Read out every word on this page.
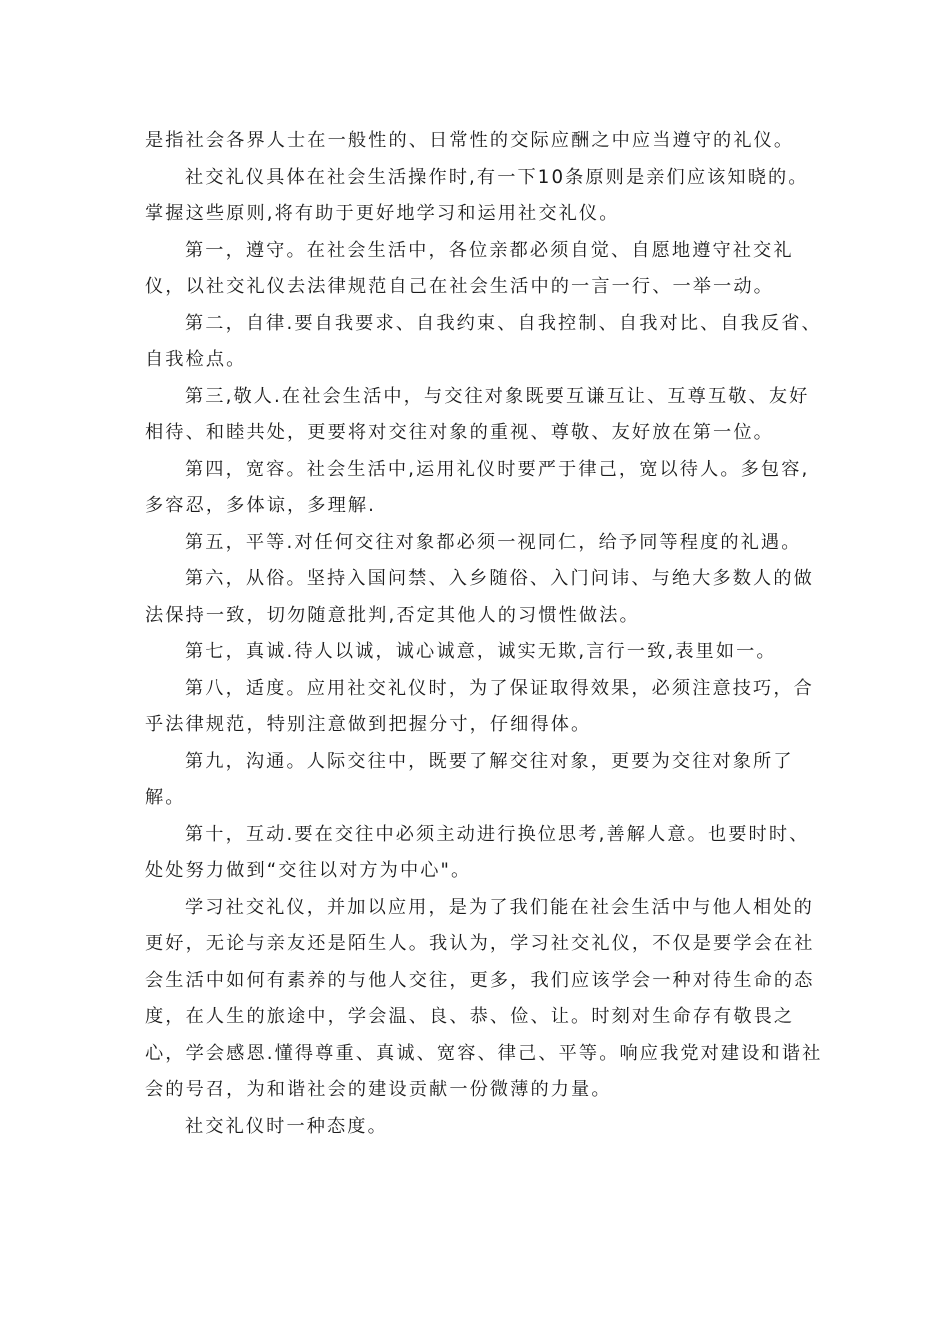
是指社会各界人士在一般性的、日常性的交际应酬之中应当遵守的礼仪。

社交礼仪具体在社会生活操作时,有一下10条原则是亲们应该知晓的。掌握这些原则,将有助于更好地学习和运用社交礼仪。

第一，遵守。在社会生活中，各位亲都必须自觉、自愿地遵守社交礼仪，以社交礼仪去法律规范自己在社会生活中的一言一行、一举一动。

第二，自律.要自我要求、自我约束、自我控制、自我对比、自我反省、自我检点。

第三,敬人.在社会生活中，与交往对象既要互谦互让、互尊互敬、友好相待、和睦共处，更要将对交往对象的重视、尊敬、友好放在第一位。

第四，宽容。社会生活中,运用礼仪时要严于律己，宽以待人。多包容,多容忍，多体谅，多理解.

第五，平等.对任何交往对象都必须一视同仁，给予同等程度的礼遇。

第六，从俗。坚持入国问禁、入乡随俗、入门问讳、与绝大多数人的做法保持一致，切勿随意批判,否定其他人的习惯性做法。

第七，真诚.待人以诚，诚心诚意，诚实无欺,言行一致,表里如一。

第八，适度。应用社交礼仪时，为了保证取得效果，必须注意技巧，合乎法律规范，特别注意做到把握分寸，仔细得体。

第九，沟通。人际交往中，既要了解交往对象，更要为交往对象所了解。

第十，互动.要在交往中必须主动进行换位思考,善解人意。也要时时、处处努力做到“交往以对方为中心"。

学习社交礼仪，并加以应用，是为了我们能在社会生活中与他人相处的更好，无论与亲友还是陌生人。我认为，学习社交礼仪，不仅是要学会在社会生活中如何有素养的与他人交往，更多，我们应该学会一种对待生命的态度，在人生的旅途中，学会温、良、恭、俭、让。时刻对生命存有敬畏之心，学会感恩.懂得尊重、真诚、宽容、律己、平等。响应我党对建设和谐社会的号召，为和谐社会的建设贡献一份微薄的力量。

社交礼仪时一种态度。
